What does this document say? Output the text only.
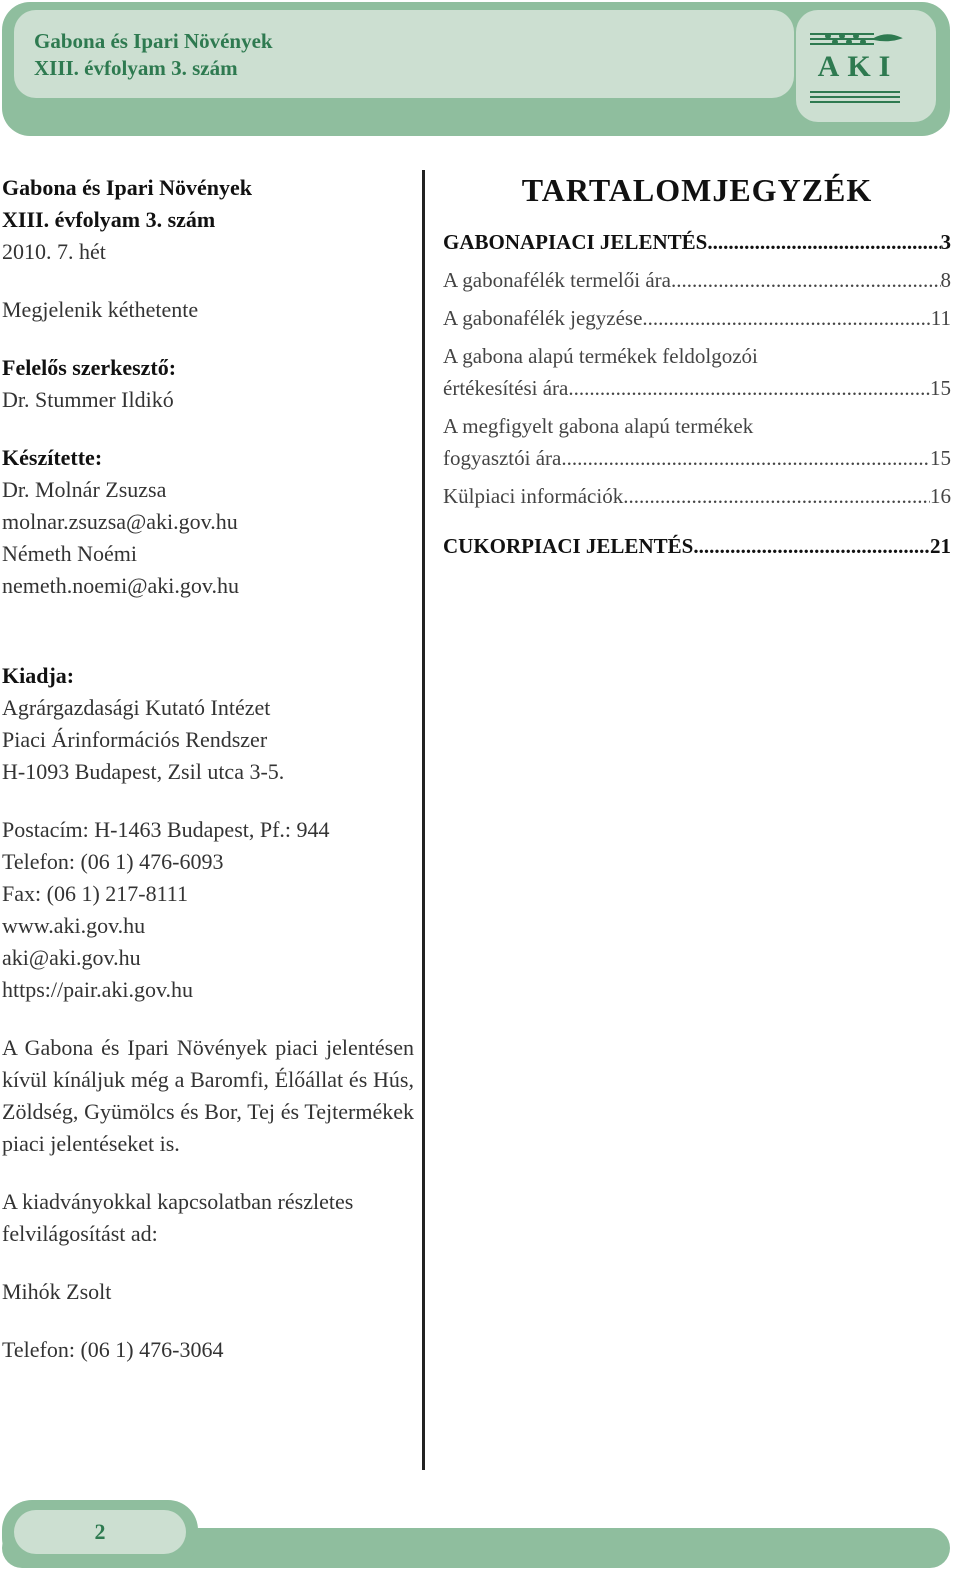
Gabona és Ipari Növények
XIII. évfolyam 3. szám	AKI

Gabona és Ipari Növények

XIII. évfolyam 3. szám

2010. 7. hét

Megjelenik kéthetente

Felelős szerkesztő:

Dr. Stummer Ildikó

Készítette:

Dr. Molnár Zsuzsa

molnar.zsuzsa@aki.gov.hu

Németh Noémi

nemeth.noemi@aki.gov.hu

Kiadja:

Agrárgazdasági Kutató Intézet

Piaci Árinformációs Rendszer

H-1093 Budapest, Zsil utca 3-5.

Postacím: H-1463 Budapest, Pf.: 944

Telefon: (06 1) 476-6093

Fax: (06 1) 217-8111

www.aki.gov.hu

aki@aki.gov.hu

https://pair.aki.gov.hu

A Gabona és Ipari Növények piaci jelentésen kívül kínáljuk még a Baromfi, Élőállat és Hús, Zöldség, Gyümölcs és Bor, Tej és Tejtermékek piaci jelentéseket is.

A kiadványokkal kapcsolatban részletes felvilágosítást ad:

Mihók Zsolt

Telefon: (06 1) 476-3064

TARTALOMJEGYZÉK
GABONAPIACI JELENTÉS .....	3
A gabonafélék termelői ára .....	8
A gabonafélék jegyzése .....	11
A gabona alapú termékek feldolgozói
értékesítési ára .....	15
A megfigyelt gabona alapú termékek
fogyasztói ára .....	15
Külpiaci információk .....	16
CUKORPIACI JELENTÉS .....	21
2
